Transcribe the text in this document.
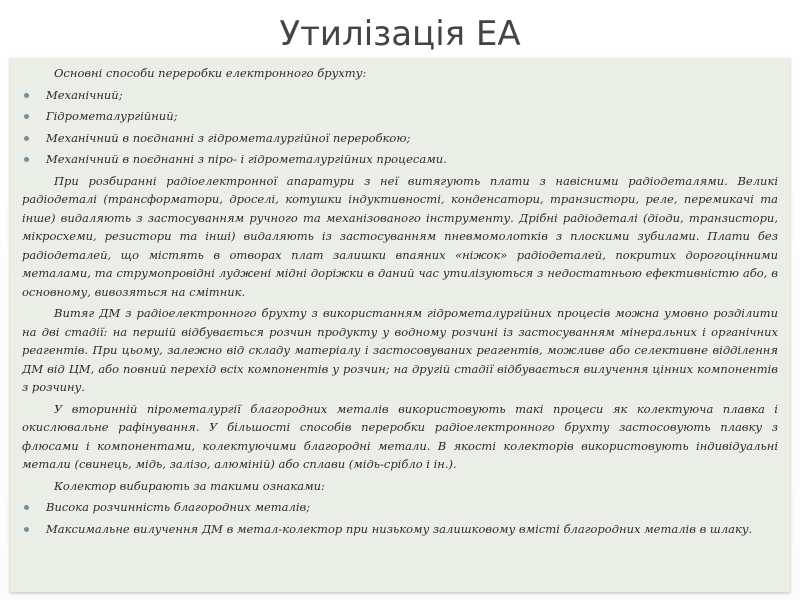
Утилізація ЕА

Основні способи переробки електронного брухту:

Механічний;
Гідрометалургійний;
Механічний в поєднанні з гідрометалургійної переробкою;
Механічний в поєднанні з піро- і гідрометалургійних процесами.

При розбиранні радіоелектронної апаратури з неї витягують плати з навісними радіодеталями. Великі радіодеталі (трансформатори, дроселі, котушки індуктивності, конденсатори, транзистори, реле, перемикачі та інше) видаляють з застосуванням ручного та механізованого інструменту. Дрібні радіодеталі (діоди, транзистори, мікросхеми, резистори та інші) видаляють із застосуванням пневмомолотків з плоскими зубилами. Плати без радіодеталей, що містять в отворах плат залишки впаяних «ніжок» радіодеталей, покритих дорогоцінними металами, та струмопровідні луджені мідні доріжки в даний час утилізуються з недостатньою ефективністю або, в основному, вивозяться на смітник.

Витяг ДМ з радіоелектронного брухту з використанням гідрометалургійних процесів можна умовно розділити на дві стадії: на першій відбувається розчин продукту у водному розчині із застосуванням мінеральних і органічних реагентів. При цьому, залежно від складу матеріалу і застосовуваних реагентів, можливе або селективне відділення ДМ від ЦМ, або повний перехід всіх компонентів у розчин; на другій стадії відбувається вилучення цінних компонентів з розчину.

У вторинній пірометалургії благородних металів використовують такі процеси як колектуюча плавка і окислювальне рафінування. У більшості способів переробки радіоелектронного брухту застосовують плавку з флюсами і компонентами, колектуючими благородні метали. В якості колекторів використовують індивідуальні метали (свинець, мідь, залізо, алюміній) або сплави (мідь-срібло і ін.).

Колектор вибирають за такими ознаками:

Висока розчинність благородних металів;
Максимальне вилучення ДМ в метал-колектор при низькому залишковому вмісті благородних металів в шлаку.
